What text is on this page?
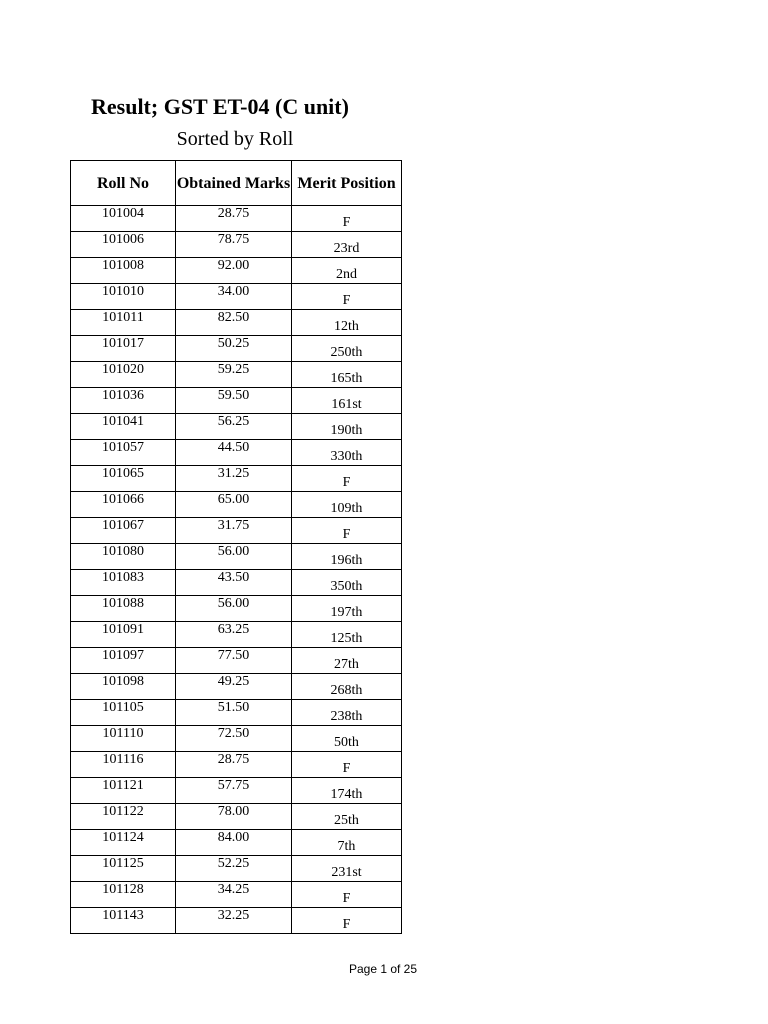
Result; GST ET-04 (C unit)
Sorted by Roll
Roll No	Obtained Marks	Merit Position
101004	28.75	F
101006	78.75	23rd
101008	92.00	2nd
101010	34.00	F
101011	82.50	12th
101017	50.25	250th
101020	59.25	165th
101036	59.50	161st
101041	56.25	190th
101057	44.50	330th
101065	31.25	F
101066	65.00	109th
101067	31.75	F
101080	56.00	196th
101083	43.50	350th
101088	56.00	197th
101091	63.25	125th
101097	77.50	27th
101098	49.25	268th
101105	51.50	238th
101110	72.50	50th
101116	28.75	F
101121	57.75	174th
101122	78.00	25th
101124	84.00	7th
101125	52.25	231st
101128	34.25	F
101143	32.25	F

Page 1 of 25
